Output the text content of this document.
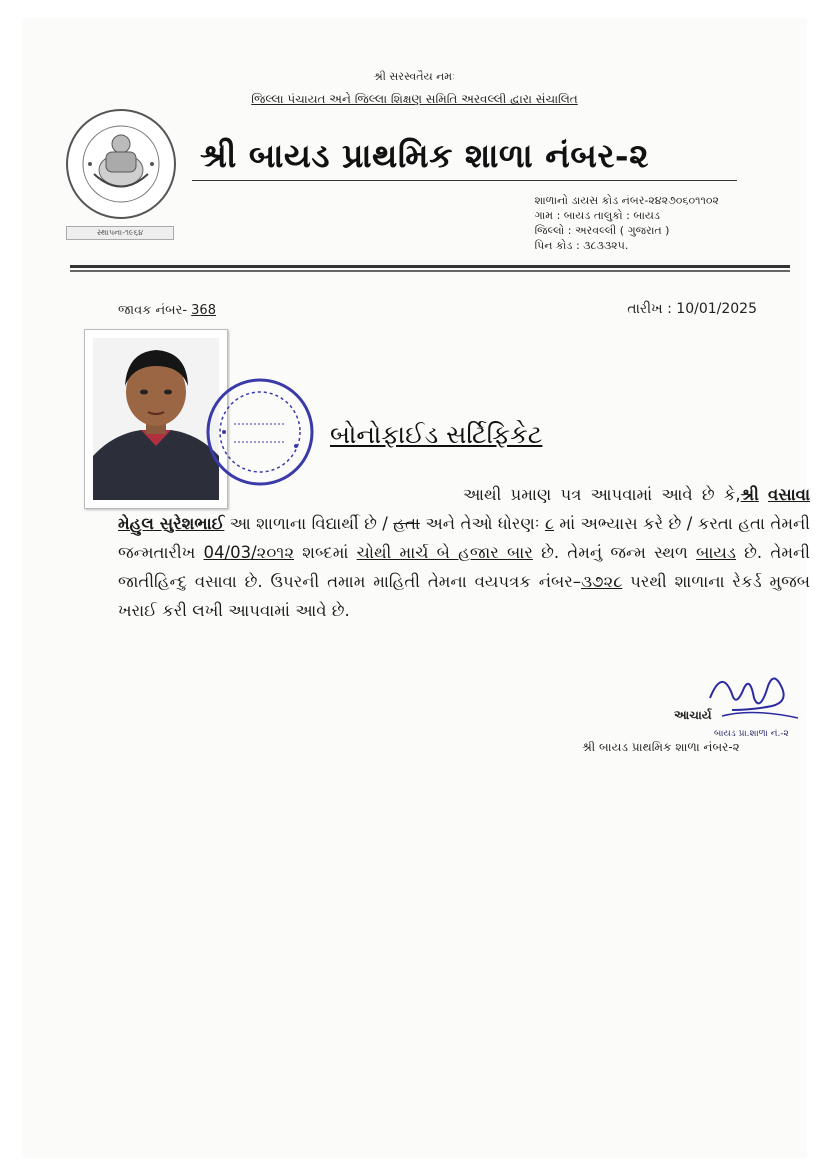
શ્રી સરસ્વતૈય નમઃ
જિલ્લા પંચાયત અને જિલ્લા શિક્ષણ સમિતિ અરવલ્લી દ્વારા સંચાલિત
સ્થાપના-૧૯૬૪
શ્રી બાયડ પ્રાથમિક શાળા નંબર-૨
શાળાનો ડાયસ કોડ નંબર-૨૪૨૭૦૬૦૧૧૦૨
ગામ : બાયડ તાલુકો : બાયડ
જિલ્લો : અરવલ્લી ( ગુજરાત )
પિન કોડ : ૩૮૩૩૨૫.
જાવક નંબર- 368	તારીખ : 10/01/2025
બોનોફાઈડ સર્ટિફિકેટ
આથી પ્રમાણ પત્ર આપવામાં આવે છે કે,શ્રી વસાવા મેહુલ સુરેશભાઈ આ શાળાના વિદ્યાર્થી છે / હતા અને તેઓ ધોરણઃ ૮ માં અભ્યાસ કરે છે / કરતા હતા તેમની જન્મતારીખ 04/03/૨૦૧૨ શબ્દમાં ચોથી માર્ચ બે હજાર બાર છે. તેમનું જન્મ સ્થળ બાયડ છે. તેમની જાતીહિન્દુ વસાવા છે. ઉપરની તમામ માહિતી તેમના વયપત્રક નંબર–૩૭૨૮ પરથી શાળાના રેકર્ડ મુજબ ખરાઈ કરી લખી આપવામાં આવે છે.
આચાર્ય
બાયડ પ્રા.શાળા નં.-૨
શ્રી બાયડ પ્રાથમિક શાળા નંબર-૨
